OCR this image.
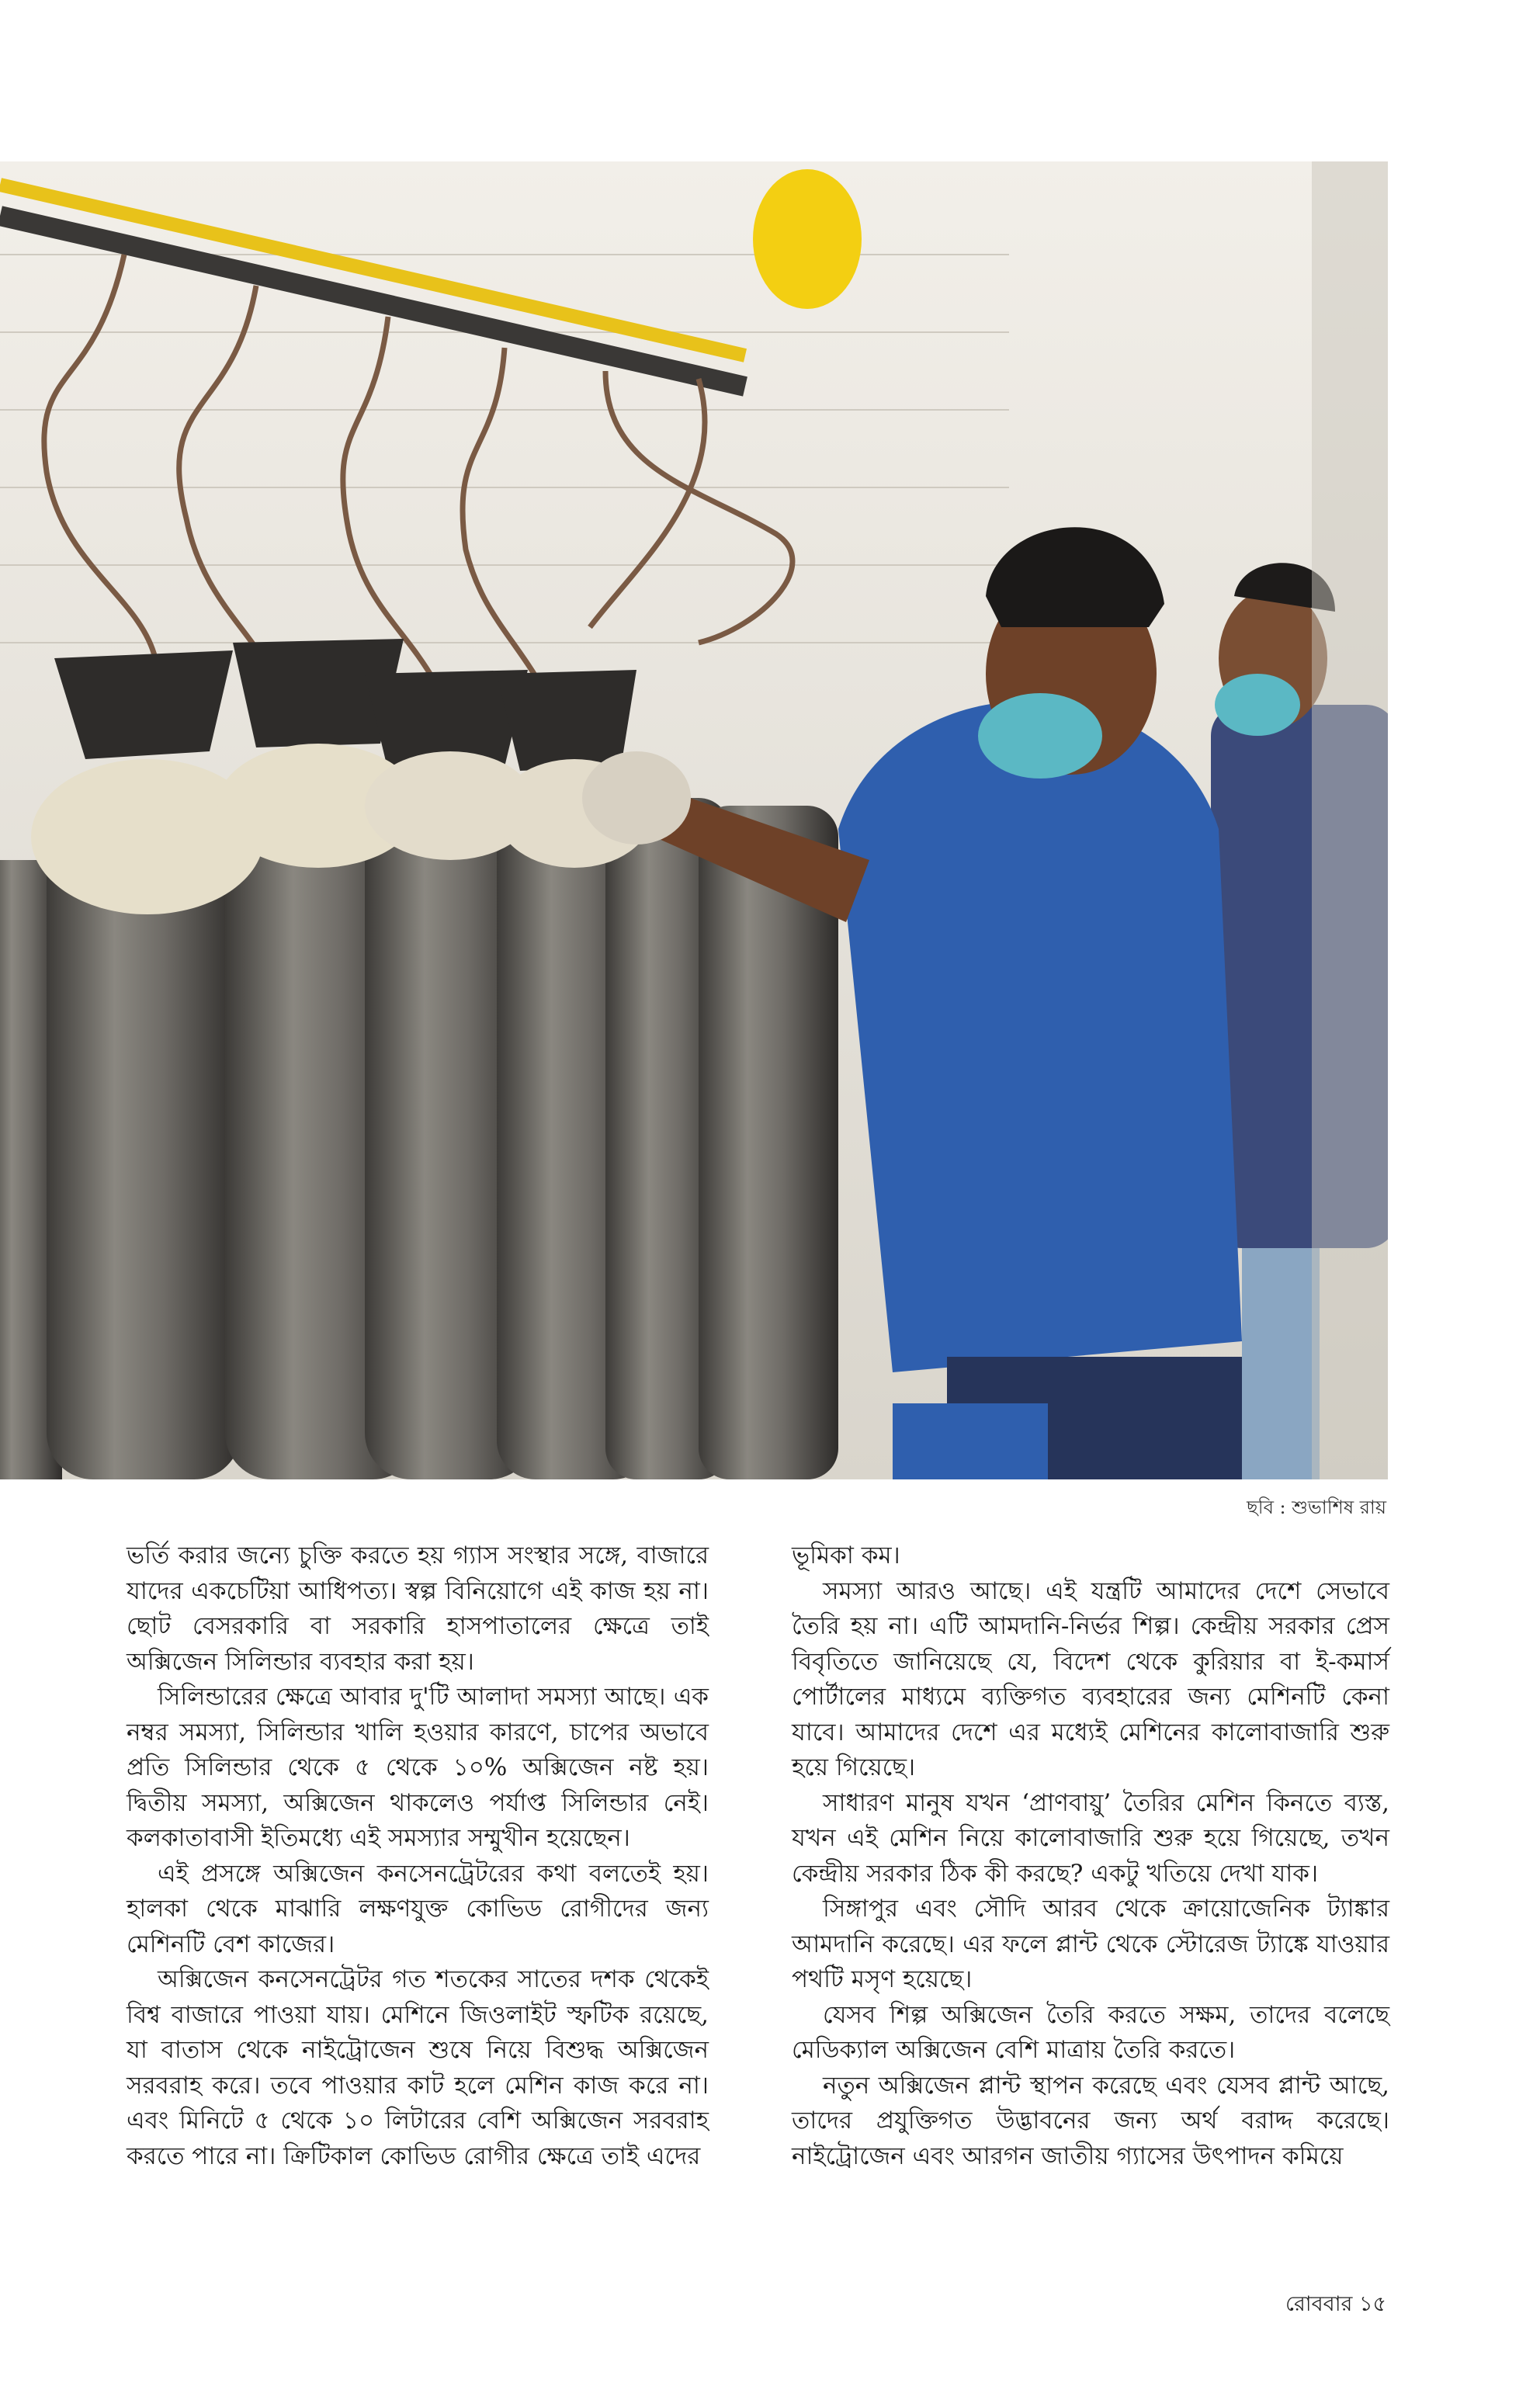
ছবি : শুভাশিষ রায়

ভর্তি করার জন্যে চুক্তি করতে হয় গ্যাস সংস্থার সঙ্গে, বাজারে যাদের একচেটিয়া আধিপত্য। স্বল্প বিনিয়োগে এই কাজ হয় না। ছোট বেসরকারি বা সরকারি হাসপাতালের ক্ষেত্রে তাই অক্সিজেন সিলিন্ডার ব্যবহার করা হয়।

সিলিন্ডারের ক্ষেত্রে আবার দু'টি আলাদা সমস্যা আছে। এক নম্বর সমস্যা, সিলিন্ডার খালি হওয়ার কারণে, চাপের অভাবে প্রতি সিলিন্ডার থেকে ৫ থেকে ১০% অক্সিজেন নষ্ট হয়। দ্বিতীয় সমস্যা, অক্সিজেন থাকলেও পর্যাপ্ত সিলিন্ডার নেই। কলকাতাবাসী ইতিমধ্যে এই সমস্যার সম্মুখীন হয়েছেন।

এই প্রসঙ্গে অক্সিজেন কনসেনট্রেটরের কথা বলতেই হয়। হালকা থেকে মাঝারি লক্ষণযুক্ত কোভিড রোগীদের জন্য মেশিনটি বেশ কাজের।

অক্সিজেন কনসেনট্রেটর গত শতকের সাতের দশক থেকেই বিশ্ব বাজারে পাওয়া যায়। মেশিনে জিওলাইট স্ফটিক রয়েছে, যা বাতাস থেকে নাইট্রোজেন শুষে নিয়ে বিশুদ্ধ অক্সিজেন সরবরাহ করে। তবে পাওয়ার কাট হলে মেশিন কাজ করে না। এবং মিনিটে ৫ থেকে ১০ লিটারের বেশি অক্সিজেন সরবরাহ করতে পারে না। ক্রিটিকাল কোভিড রোগীর ক্ষেত্রে তাই এদের

ভূমিকা কম।

সমস্যা আরও আছে। এই যন্ত্রটি আমাদের দেশে সেভাবে তৈরি হয় না। এটি আমদানি-নির্ভর শিল্প। কেন্দ্রীয় সরকার প্রেস বিবৃতিতে জানিয়েছে যে, বিদেশ থেকে কুরিয়ার বা ই-কমার্স পোর্টালের মাধ্যমে ব্যক্তিগত ব্যবহারের জন্য মেশিনটি কেনা যাবে। আমাদের দেশে এর মধ্যেই মেশিনের কালোবাজারি শুরু হয়ে গিয়েছে।

সাধারণ মানুষ যখন ‘প্রাণবায়ু’ তৈরির মেশিন কিনতে ব্যস্ত, যখন এই মেশিন নিয়ে কালোবাজারি শুরু হয়ে গিয়েছে, তখন কেন্দ্রীয় সরকার ঠিক কী করছে? একটু খতিয়ে দেখা যাক।

সিঙ্গাপুর এবং সৌদি আরব থেকে ক্রায়োজেনিক ট্যাঙ্কার আমদানি করেছে। এর ফলে প্লান্ট থেকে স্টোরেজ ট্যাঙ্কে যাওয়ার পথটি মসৃণ হয়েছে।

যেসব শিল্প অক্সিজেন তৈরি করতে সক্ষম, তাদের বলেছে মেডিক্যাল অক্সিজেন বেশি মাত্রায় তৈরি করতে।

নতুন অক্সিজেন প্লান্ট স্থাপন করেছে এবং যেসব প্লান্ট আছে, তাদের প্রযুক্তিগত উদ্ভাবনের জন্য অর্থ বরাদ্দ করেছে। নাইট্রোজেন এবং আরগন জাতীয় গ্যাসের উৎপাদন কমিয়ে

রোববার ১৫
